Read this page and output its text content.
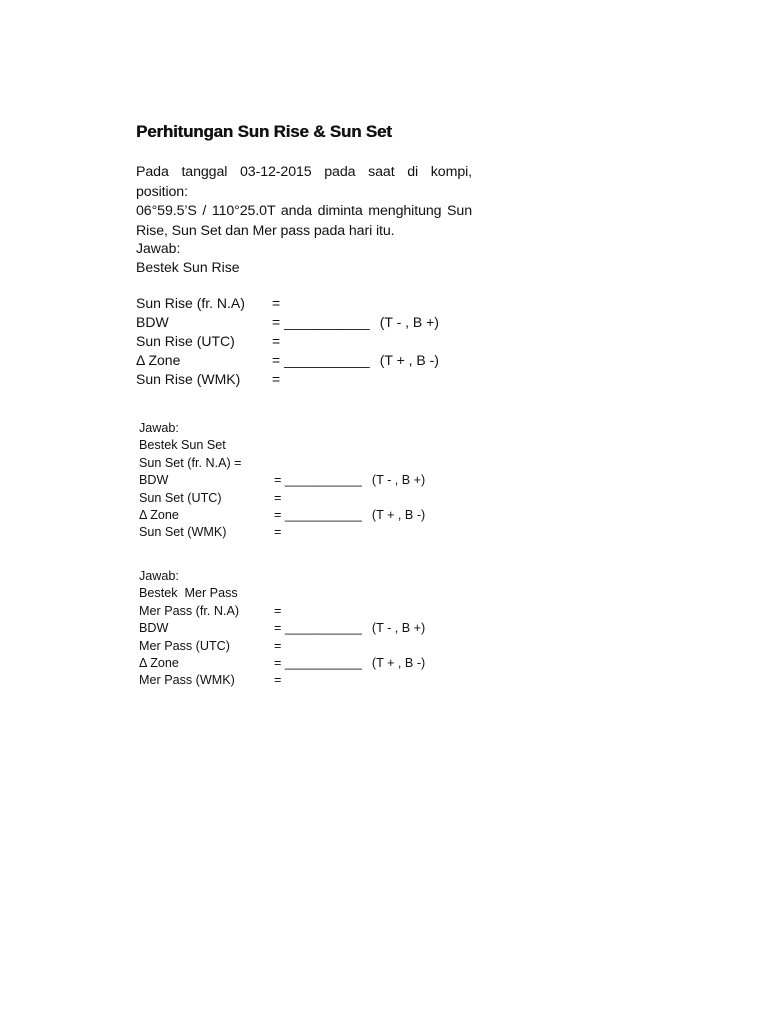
Perhitungan Sun Rise & Sun Set
Pada tanggal 03-12-2015 pada saat di kompi, position:
06°59.5’S / 110°25.0T anda diminta menghitung Sun
Rise, Sun Set dan Mer pass pada hari itu.
Jawab:
Bestek Sun Rise
Sun Rise (fr. N.A) =
BDW	= ___________ (T - , B +)
Sun Rise (UTC)	=
Δ Zone	= ___________ (T + , B -)
Sun Rise (WMK) =
Jawab:
Bestek Sun Set
Sun Set (fr. N.A) =
BDW	= ___________ (T - , B +)
Sun Set (UTC)	=
Δ Zone	= ___________ (T + , B -)
Sun Set (WMK)	=
Jawab:
Bestek  Mer Pass
Mer Pass (fr. N.A)	=
BDW	= ___________ (T - , B +)
Mer Pass (UTC)	=
Δ Zone	= ___________ (T + , B -)
Mer Pass (WMK)	=
